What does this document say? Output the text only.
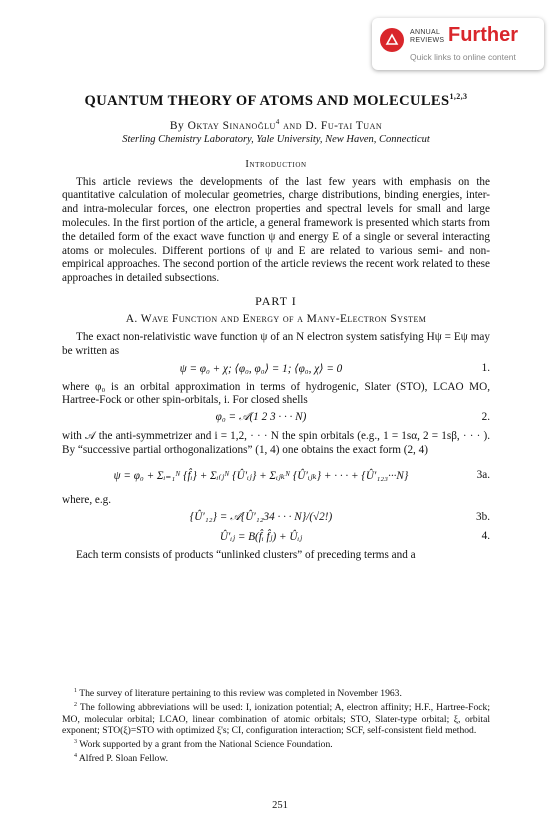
ANNUAL
REVIEWS Further
Quick links to online content
QUANTUM THEORY OF ATOMS AND MOLECULES$^{1,2,3}$
By Oktay Sinanoğlu$^4$ and D. Fu-tai Tuan
Sterling Chemistry Laboratory, Yale University, New Haven, Connecticut
Introduction

This article reviews the developments of the last few years with emphasis on the quantitative calculation of molecular geometries, charge distributions, binding energies, inter- and intra-molecular forces, one electron properties and spectral levels for small and large molecules. In the first portion of the article, a general framework is presented which starts from the detailed form of the exact wave function ψ and energy E of a single or several interacting atoms or molecules. Different portions of ψ and E are related to various semi- and non-empirical approaches. The second portion of the article reviews the recent work related to these approaches in detailed subsections.

PART I
A. Wave Function and Energy of a Many-Electron System

The exact non-relativistic wave function ψ of an N electron system satisfying Hψ = Eψ may be written as

ψ = φ₀ + χ; ⟨φ₀, φ₀⟩ = 1; ⟨φ₀, χ⟩ = 0	1.

where φ₀ is an orbital approximation in terms of hydrogenic, Slater (STO), LCAO MO, Hartree-Fock or other spin-orbitals, i. For closed shells

φ₀ = 𝒜(1 2 3 · · · N)	2.

with 𝒜 the anti-symmetrizer and i = 1,2, · · · N the spin orbitals (e.g., 1 = 1sα, 2 = 1sβ, · · · ). By “successive partial orthogonalizations” (1, 4) one obtains the exact form (2, 4)

ψ = φ₀ + Σᵢ₌₁ᴺ {f̂ᵢ} + Σᵢ₍ⱼᴺ {Û′ᵢⱼ} + Σᵢⱼₖᴺ {Û′ᵢⱼₖ} + · · · + {Û′₁₂₃···N}	3a.

where, e.g.

{Û′₁₂} = 𝒜{Û′₁₂34 · · · N}/(√2!)	3b.
Û′ᵢⱼ = B(f̂ᵢ f̂ⱼ) + Ûᵢⱼ	4.

Each term consists of products “unlinked clusters” of preceding terms and a

$^1$ The survey of literature pertaining to this review was completed in November 1963.

$^2$ The following abbreviations will be used: I, ionization potential; A, electron affinity; H.F., Hartree-Fock; MO, molecular orbital; LCAO, linear combination of atomic orbitals; STO, Slater-type orbital; ξ, orbital exponent; STO(ξ)=STO with optimized ξ's; CI, configuration interaction; SCF, self-consistent field method.

$^3$ Work supported by a grant from the National Science Foundation.

$^4$ Alfred P. Sloan Fellow.

251
